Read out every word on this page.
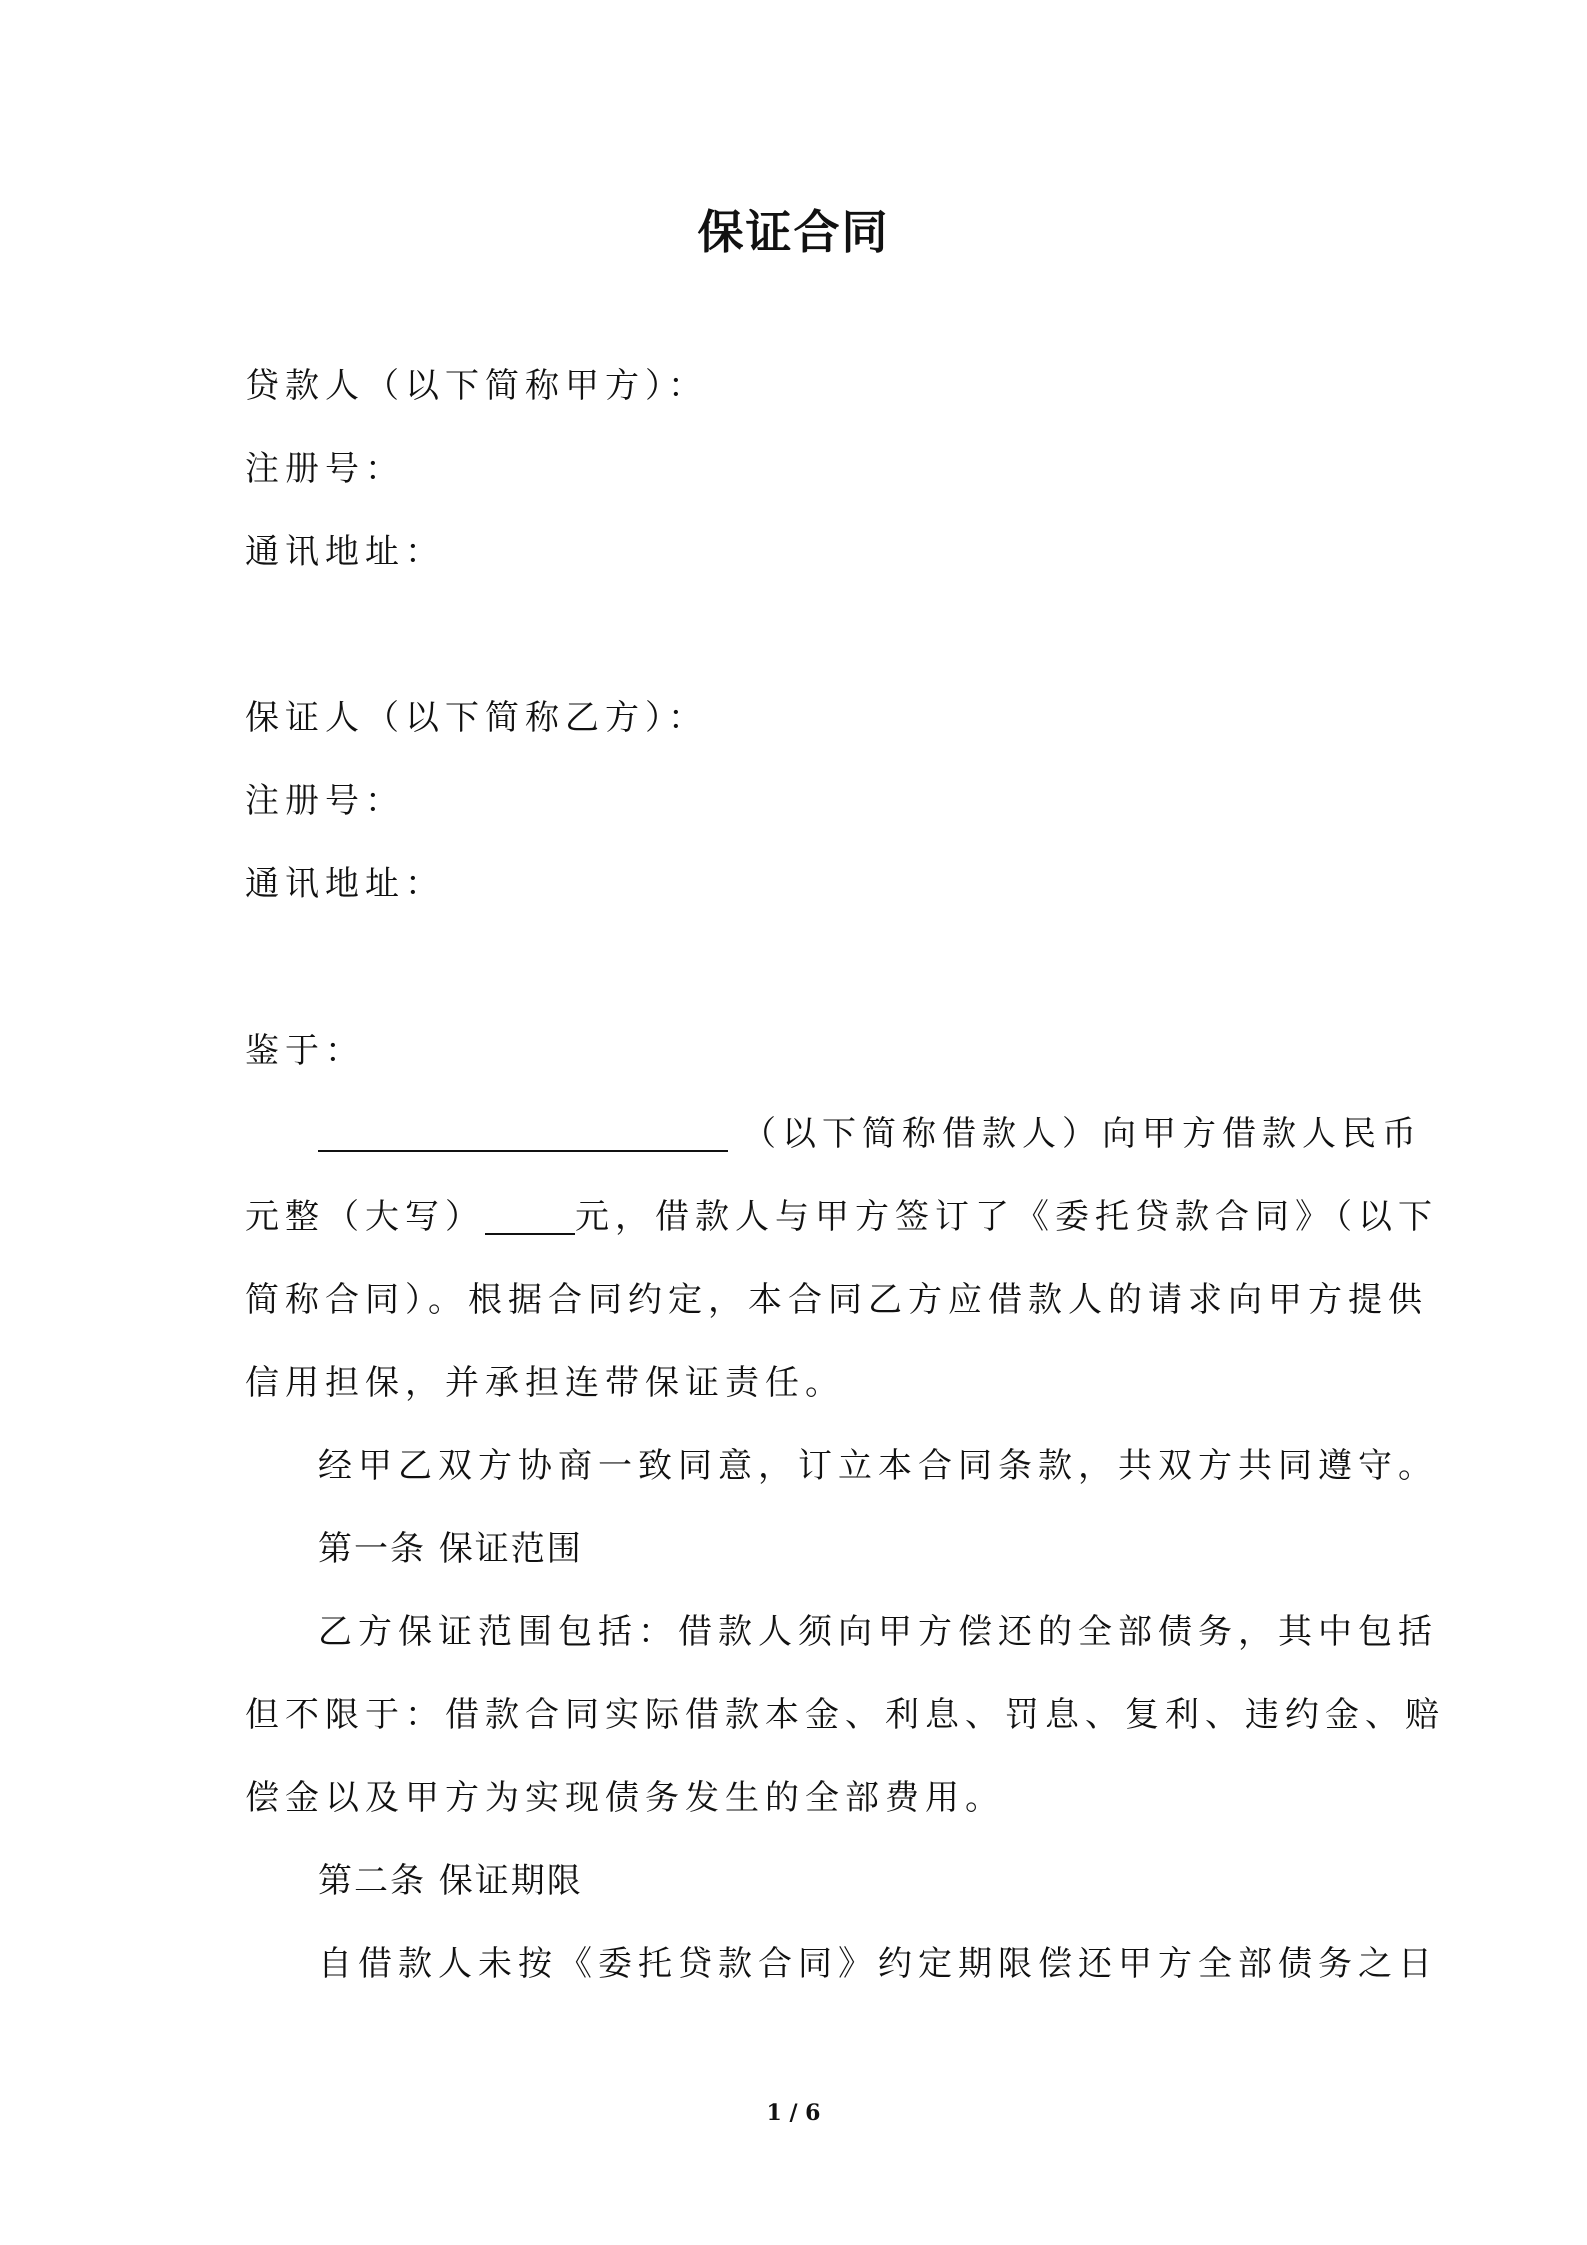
保证合同
贷款人（以下简称甲方）：
注册号：
通讯地址：
保证人（以下简称乙方）：
注册号：
通讯地址：
鉴于：
（以下简称借款人）向甲方借款人民币
元整（大写）	元，借款人与甲方签订了《委托贷款合同》（以下
简称合同）。根据合同约定，本合同乙方应借款人的请求向甲方提供
信用担保，并承担连带保证责任。
经甲乙双方协商一致同意，订立本合同条款，共双方共同遵守。
第一条 保证范围
乙方保证范围包括：借款人须向甲方偿还的全部债务，其中包括
但不限于：借款合同实际借款本金、利息、罚息、复利、违约金、赔
偿金以及甲方为实现债务发生的全部费用。
第二条 保证期限
自借款人未按《委托贷款合同》约定期限偿还甲方全部债务之日
1 / 6
